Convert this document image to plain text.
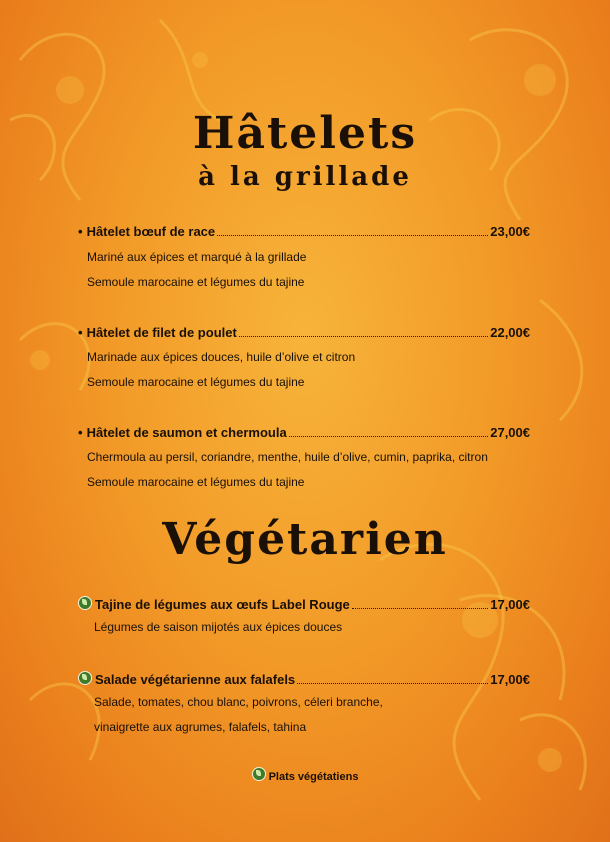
Hâtelets
à la grillade
• Hâtelet bœuf de race	23,00€
Mariné aux épices et marqué à la grillade
Semoule marocaine et légumes du tajine
• Hâtelet de filet de poulet	22,00€
Marinade aux épices douces, huile d’olive et citron
Semoule marocaine et légumes du tajine
• Hâtelet de saumon et chermoula	27,00€
Chermoula au persil, coriandre, menthe, huile d’olive, cumin, paprika, citron
Semoule marocaine et légumes du tajine
Végétarien
Tajine de légumes aux œufs Label Rouge	17,00€
Légumes de saison mijotés aux épices douces
Salade végétarienne aux falafels	17,00€
Salade, tomates, chou blanc, poivrons, céleri branche,
vinaigrette aux agrumes, falafels, tahina
Plats végétatiens
